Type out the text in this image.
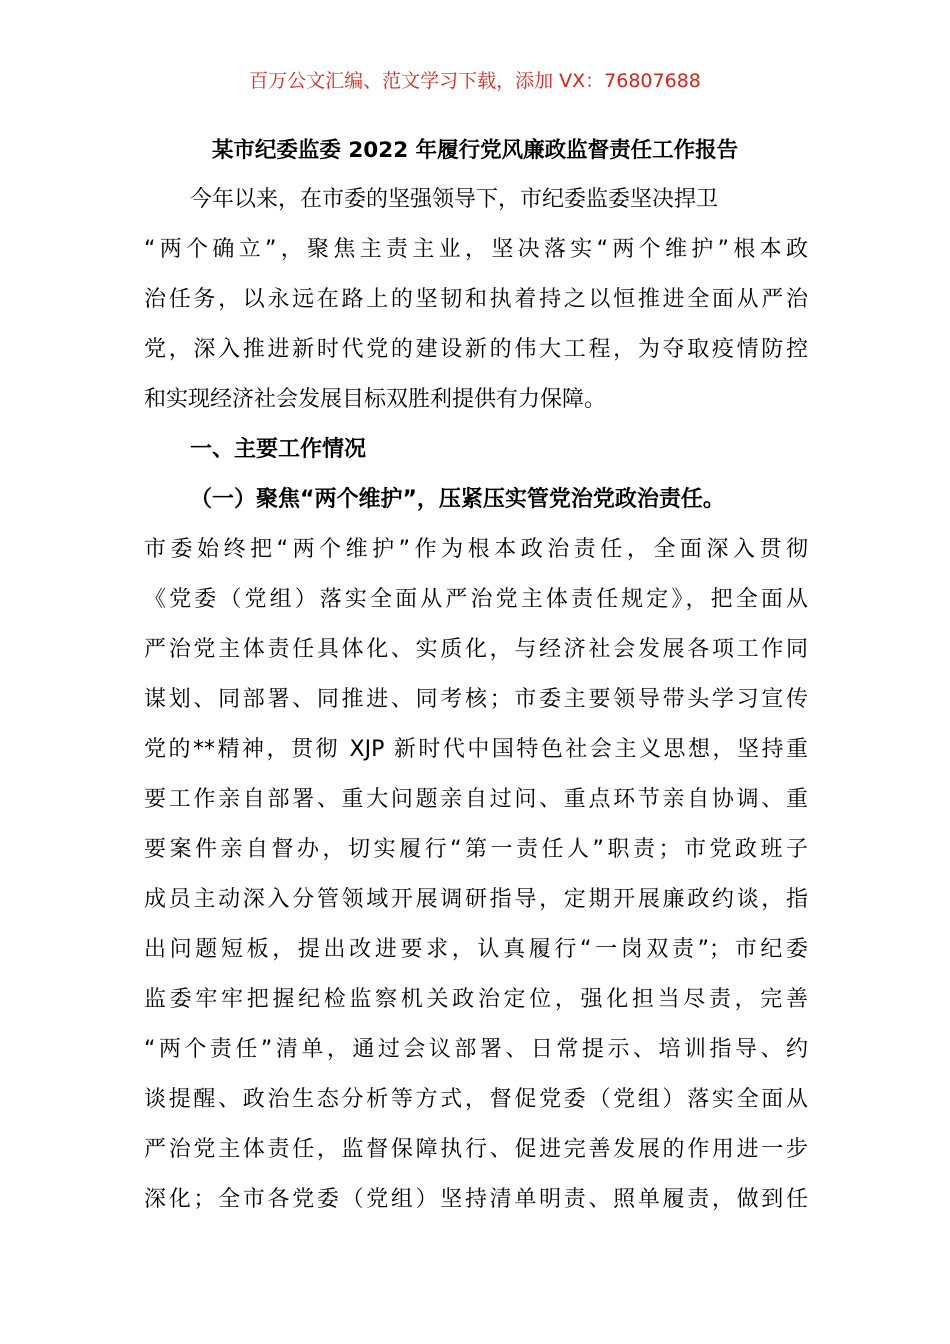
百万公文汇编、范文学习下载，添加 VX：76807688
某市纪委监委 2022 年履行党风廉政监督责任工作报告
今年以来，在市委的坚强领导下，市纪委监委坚决捍卫
“两个确立”，聚焦主责主业，坚决落实“两个维护”根本政
治任务，以永远在路上的坚韧和执着持之以恒推进全面从严治
党，深入推进新时代党的建设新的伟大工程，为夺取疫情防控
和实现经济社会发展目标双胜利提供有力保障。
一、主要工作情况
（一）聚焦“两个维护”，压紧压实管党治党政治责任。
市委始终把“两个维护”作为根本政治责任，全面深入贯彻
《党委（党组）落实全面从严治党主体责任规定》，把全面从
严治党主体责任具体化、实质化，与经济社会发展各项工作同
谋划、同部署、同推进、同考核；市委主要领导带头学习宣传
党的**精神，贯彻 XJP 新时代中国特色社会主义思想，坚持重
要工作亲自部署、重大问题亲自过问、重点环节亲自协调、重
要案件亲自督办，切实履行“第一责任人”职责；市党政班子
成员主动深入分管领域开展调研指导，定期开展廉政约谈，指
出问题短板，提出改进要求，认真履行“一岗双责”；市纪委
监委牢牢把握纪检监察机关政治定位，强化担当尽责，完善
“两个责任”清单，通过会议部署、日常提示、培训指导、约
谈提醒、政治生态分析等方式，督促党委（党组）落实全面从
严治党主体责任，监督保障执行、促进完善发展的作用进一步
深化；全市各党委（党组）坚持清单明责、照单履责，做到任
